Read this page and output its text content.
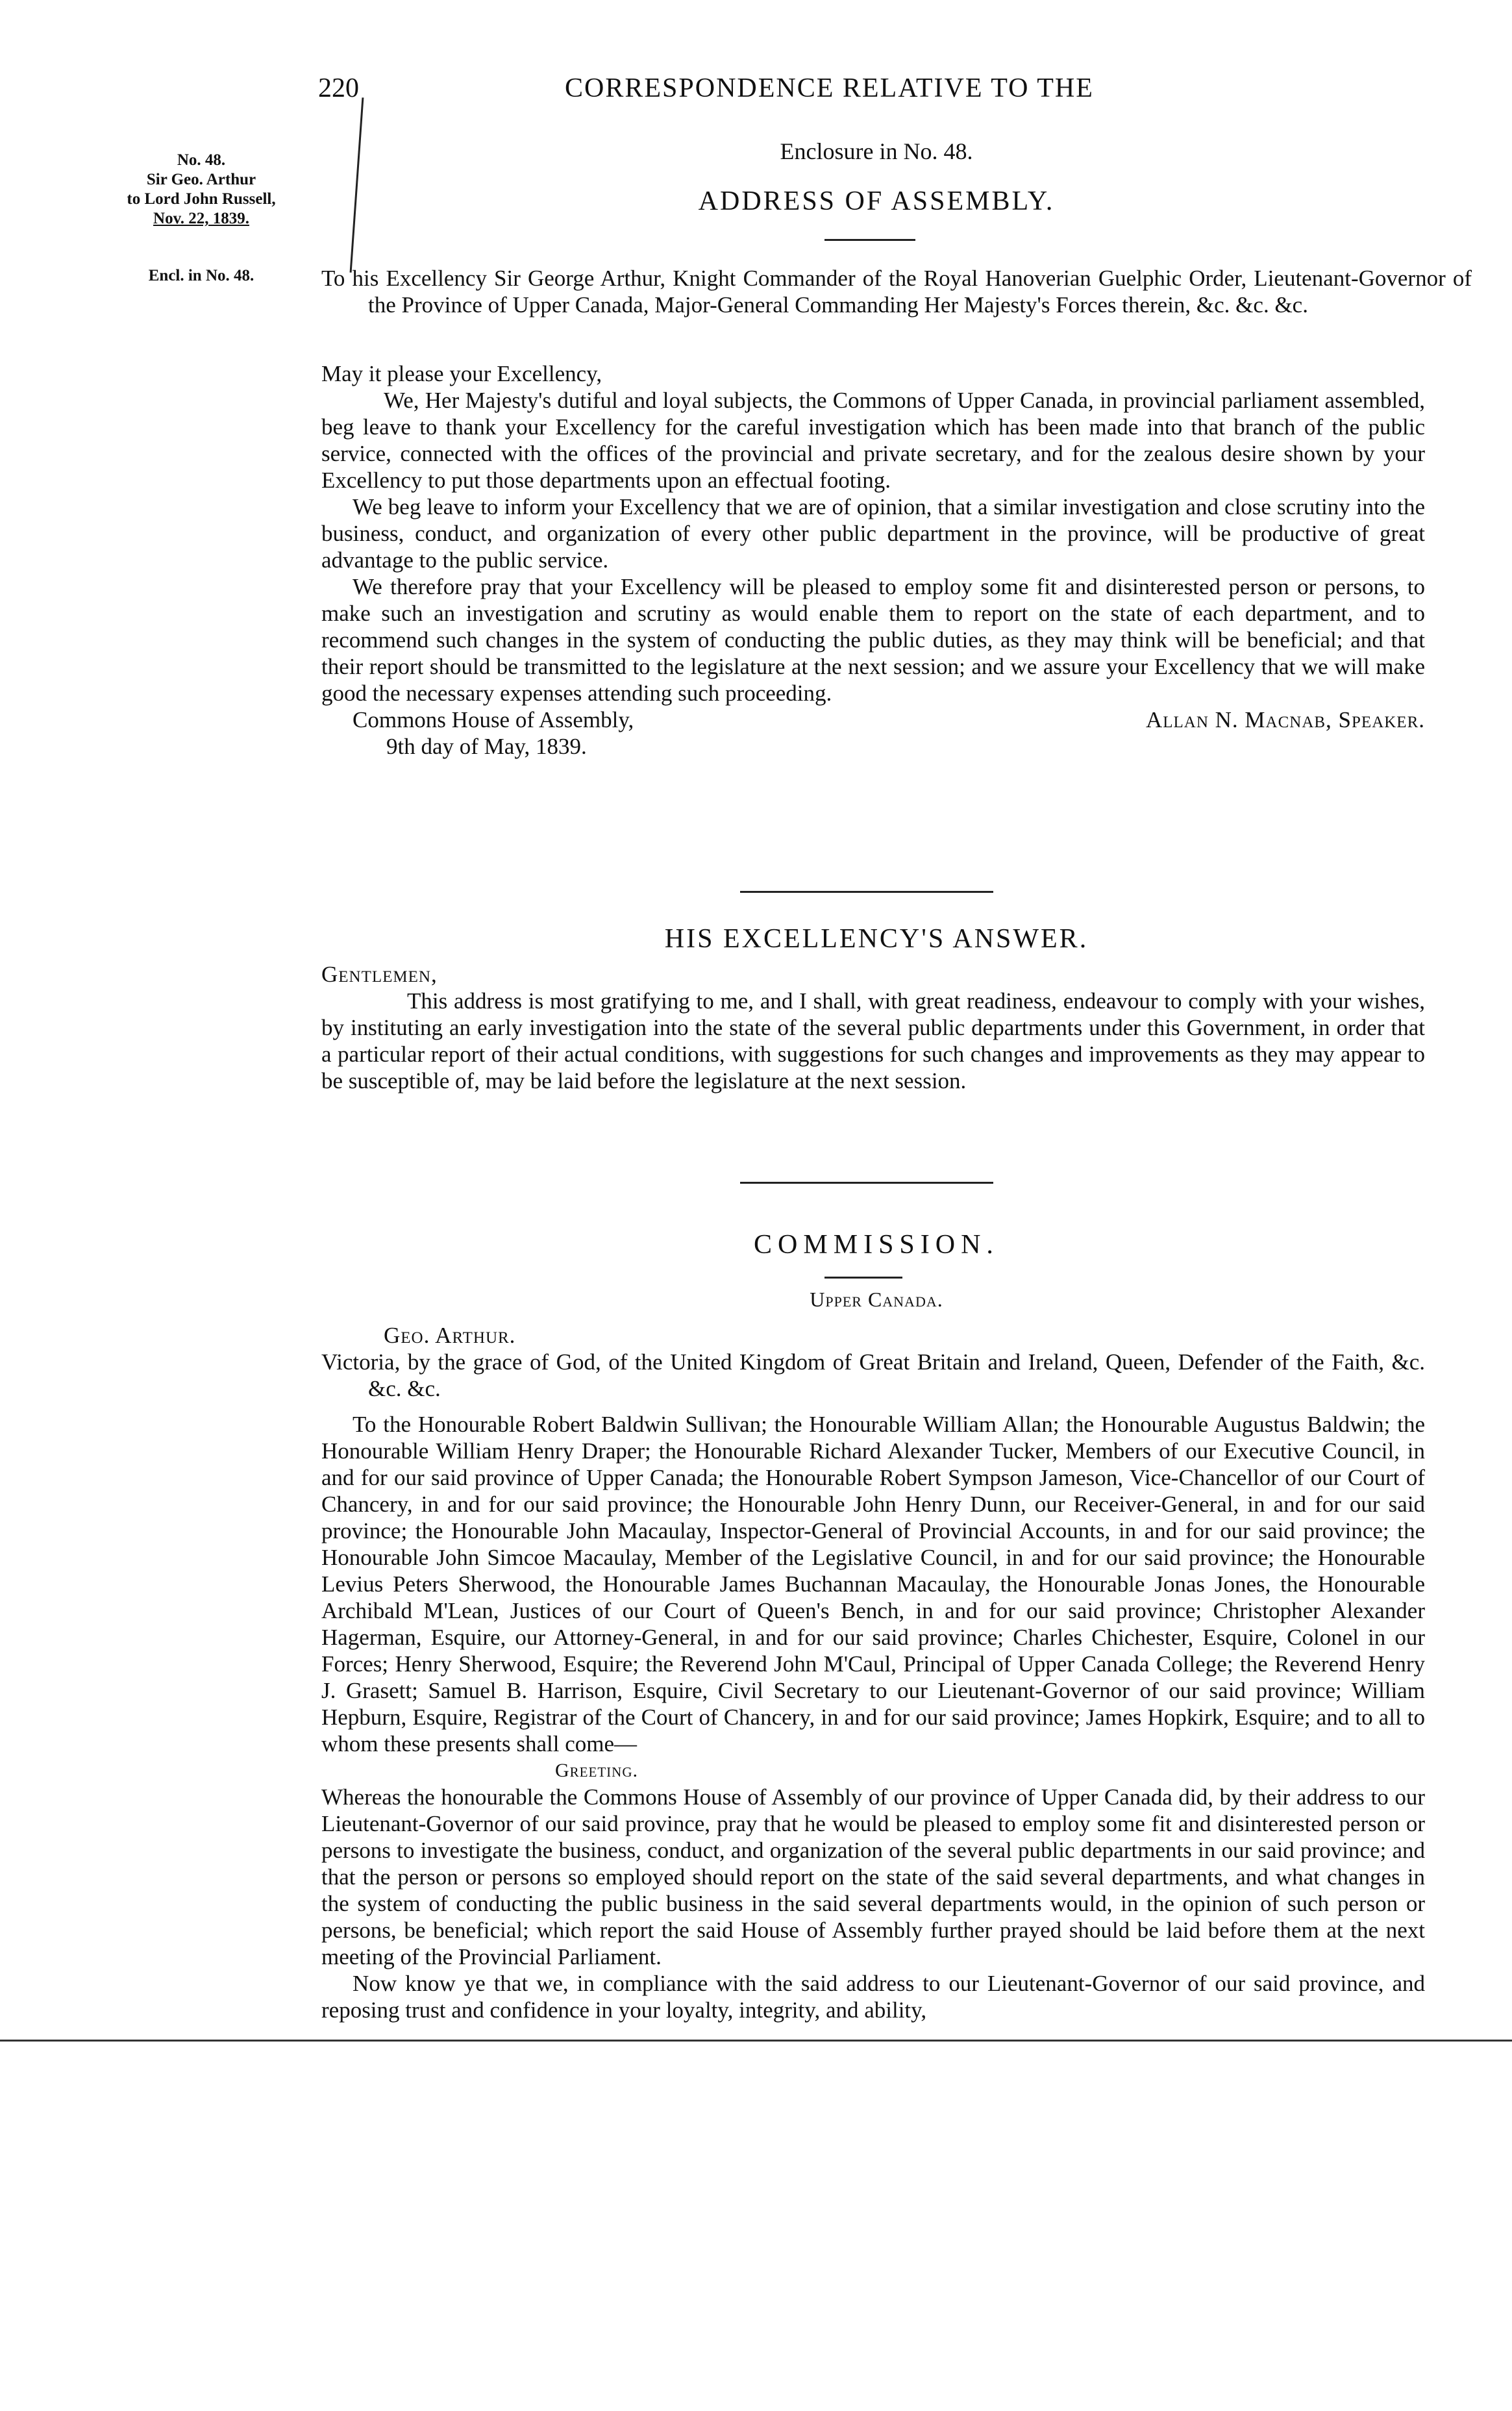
220	CORRESPONDENCE RELATIVE TO THE
No. 48.
Sir Geo. Arthur
to Lord John Russell,
Nov. 22, 1839.
Encl. in No. 48.
Enclosure in No. 48.
ADDRESS OF ASSEMBLY.
To his Excellency Sir George Arthur, Knight Commander of the Royal Hanoverian Guelphic Order, Lieutenant-Governor of the Province of Upper Canada, Major-General Commanding Her Majesty's Forces therein, &c. &c. &c.

May it please your Excellency,

We, Her Majesty's dutiful and loyal subjects, the Commons of Upper Canada, in provincial parliament assembled, beg leave to thank your Excellency for the careful investigation which has been made into that branch of the public service, connected with the offices of the provincial and private secretary, and for the zealous desire shown by your Excellency to put those departments upon an effectual footing.

We beg leave to inform your Excellency that we are of opinion, that a similar investigation and close scrutiny into the business, conduct, and organization of every other public department in the province, will be productive of great advantage to the public service.

We therefore pray that your Excellency will be pleased to employ some fit and disinterested person or persons, to make such an investigation and scrutiny as would enable them to report on the state of each department, and to recommend such changes in the system of conducting the public duties, as they may think will be beneficial; and that their report should be transmitted to the legislature at the next session; and we assure your Excellency that we will make good the necessary expenses attending such proceeding.

Commons House of Assembly,	Allan N. Macnab, Speaker.

9th day of May, 1839.

HIS EXCELLENCY'S ANSWER.

Gentlemen,

This address is most gratifying to me, and I shall, with great readiness, endeavour to comply with your wishes, by instituting an early investigation into the state of the several public departments under this Government, in order that a particular report of their actual conditions, with suggestions for such changes and improvements as they may appear to be susceptible of, may be laid before the legislature at the next session.

COMMISSION.
Upper Canada.

Geo. Arthur.

Victoria, by the grace of God, of the United Kingdom of Great Britain and Ireland, Queen, Defender of the Faith, &c. &c. &c.

To the Honourable Robert Baldwin Sullivan; the Honourable William Allan; the Honourable Augustus Baldwin; the Honourable William Henry Draper; the Honourable Richard Alexander Tucker, Members of our Executive Council, in and for our said province of Upper Canada; the Honourable Robert Sympson Jameson, Vice-Chancellor of our Court of Chancery, in and for our said province; the Honourable John Henry Dunn, our Receiver-General, in and for our said province; the Honourable John Macaulay, Inspector-General of Provincial Accounts, in and for our said province; the Honourable John Simcoe Macaulay, Member of the Legislative Council, in and for our said province; the Honourable Levius Peters Sherwood, the Honourable James Buchannan Macaulay, the Honourable Jonas Jones, the Honourable Archibald M'Lean, Justices of our Court of Queen's Bench, in and for our said province; Christopher Alexander Hagerman, Esquire, our Attorney-General, in and for our said province; Charles Chichester, Esquire, Colonel in our Forces; Henry Sherwood, Esquire; the Reverend John M'Caul, Principal of Upper Canada College; the Reverend Henry J. Grasett; Samuel B. Harrison, Esquire, Civil Secretary to our Lieutenant-Governor of our said province; William Hepburn, Esquire, Registrar of the Court of Chancery, in and for our said province; James Hopkirk, Esquire; and to all to whom these presents shall come—

Greeting.

Whereas the honourable the Commons House of Assembly of our province of Upper Canada did, by their address to our Lieutenant-Governor of our said province, pray that he would be pleased to employ some fit and disinterested person or persons to investigate the business, conduct, and organization of the several public departments in our said province; and that the person or persons so employed should report on the state of the said several departments, and what changes in the system of conducting the public business in the said several departments would, in the opinion of such person or persons, be beneficial; which report the said House of Assembly further prayed should be laid before them at the next meeting of the Provincial Parliament.

Now know ye that we, in compliance with the said address to our Lieutenant-Governor of our said province, and reposing trust and confidence in your loyalty, integrity, and ability,
